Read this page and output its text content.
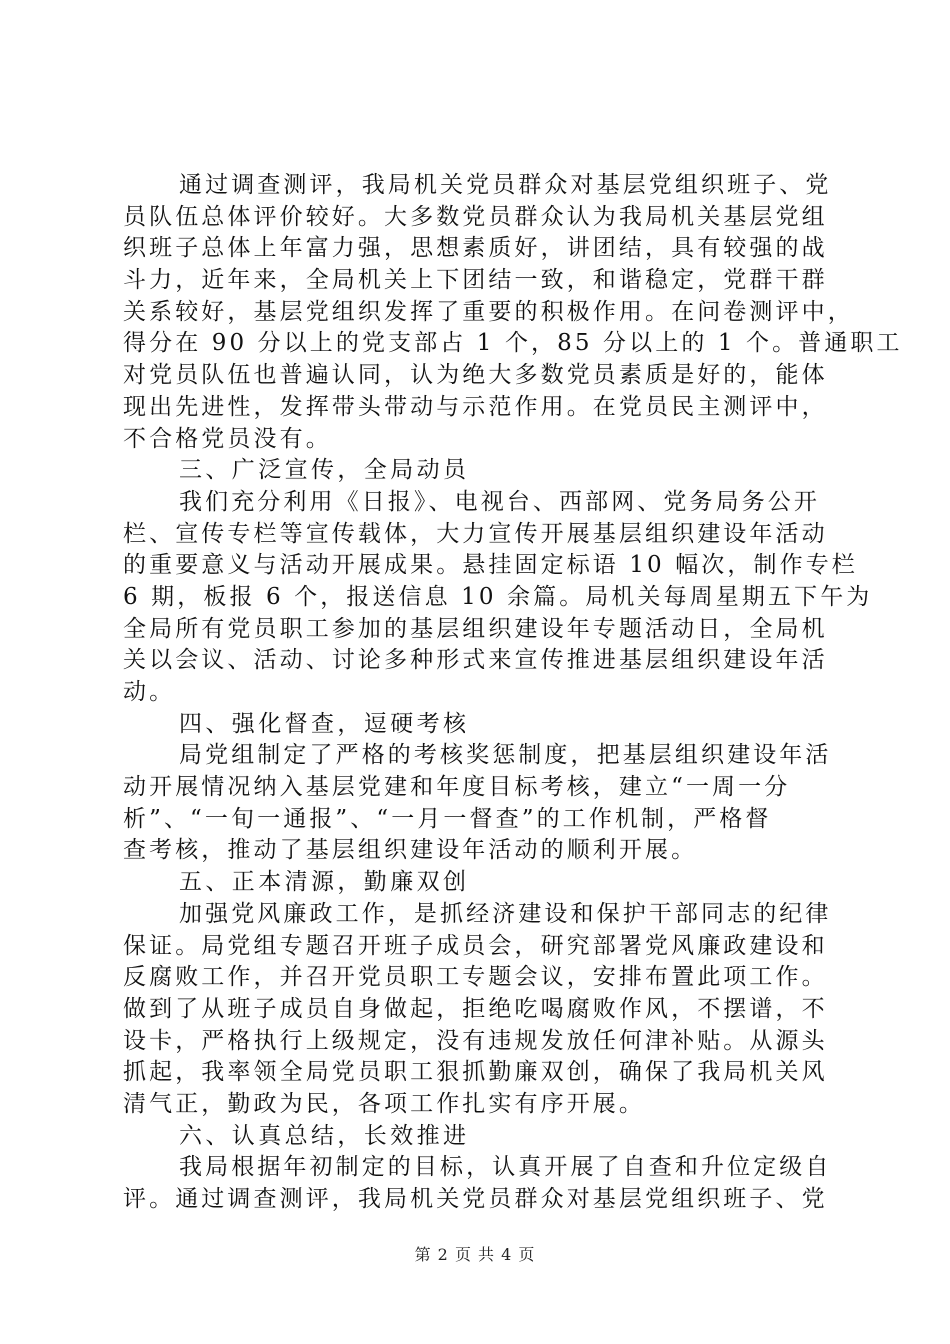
通过调查测评，我局机关党员群众对基层党组织班子、党
员队伍总体评价较好。大多数党员群众认为我局机关基层党组
织班子总体上年富力强，思想素质好，讲团结，具有较强的战
斗力，近年来，全局机关上下团结一致，和谐稳定，党群干群
关系较好，基层党组织发挥了重要的积极作用。在问卷测评中，
得分在 90 分以上的党支部占 1 个，85 分以上的 1 个。普通职工
对党员队伍也普遍认同，认为绝大多数党员素质是好的，能体
现出先进性，发挥带头带动与示范作用。在党员民主测评中，
不合格党员没有。
三、广泛宣传，全局动员
我们充分利用《日报》、电视台、西部网、党务局务公开
栏、宣传专栏等宣传载体，大力宣传开展基层组织建设年活动
的重要意义与活动开展成果。悬挂固定标语 10 幅次，制作专栏
6 期，板报 6 个，报送信息 10 余篇。局机关每周星期五下午为
全局所有党员职工参加的基层组织建设年专题活动日，全局机
关以会议、活动、讨论多种形式来宣传推进基层组织建设年活
动。
四、强化督查，逗硬考核
局党组制定了严格的考核奖惩制度，把基层组织建设年活
动开展情况纳入基层党建和年度目标考核，建立“一周一分
析”、“一旬一通报”、“一月一督查”的工作机制，严格督
查考核，推动了基层组织建设年活动的顺利开展。
五、正本清源，勤廉双创
加强党风廉政工作，是抓经济建设和保护干部同志的纪律
保证。局党组专题召开班子成员会，研究部署党风廉政建设和
反腐败工作，并召开党员职工专题会议，安排布置此项工作。
做到了从班子成员自身做起，拒绝吃喝腐败作风，不摆谱，不
设卡，严格执行上级规定，没有违规发放任何津补贴。从源头
抓起，我率领全局党员职工狠抓勤廉双创，确保了我局机关风
清气正，勤政为民，各项工作扎实有序开展。
六、认真总结，长效推进
我局根据年初制定的目标，认真开展了自查和升位定级自
评。通过调查测评，我局机关党员群众对基层党组织班子、党
第 2 页 共 4 页
